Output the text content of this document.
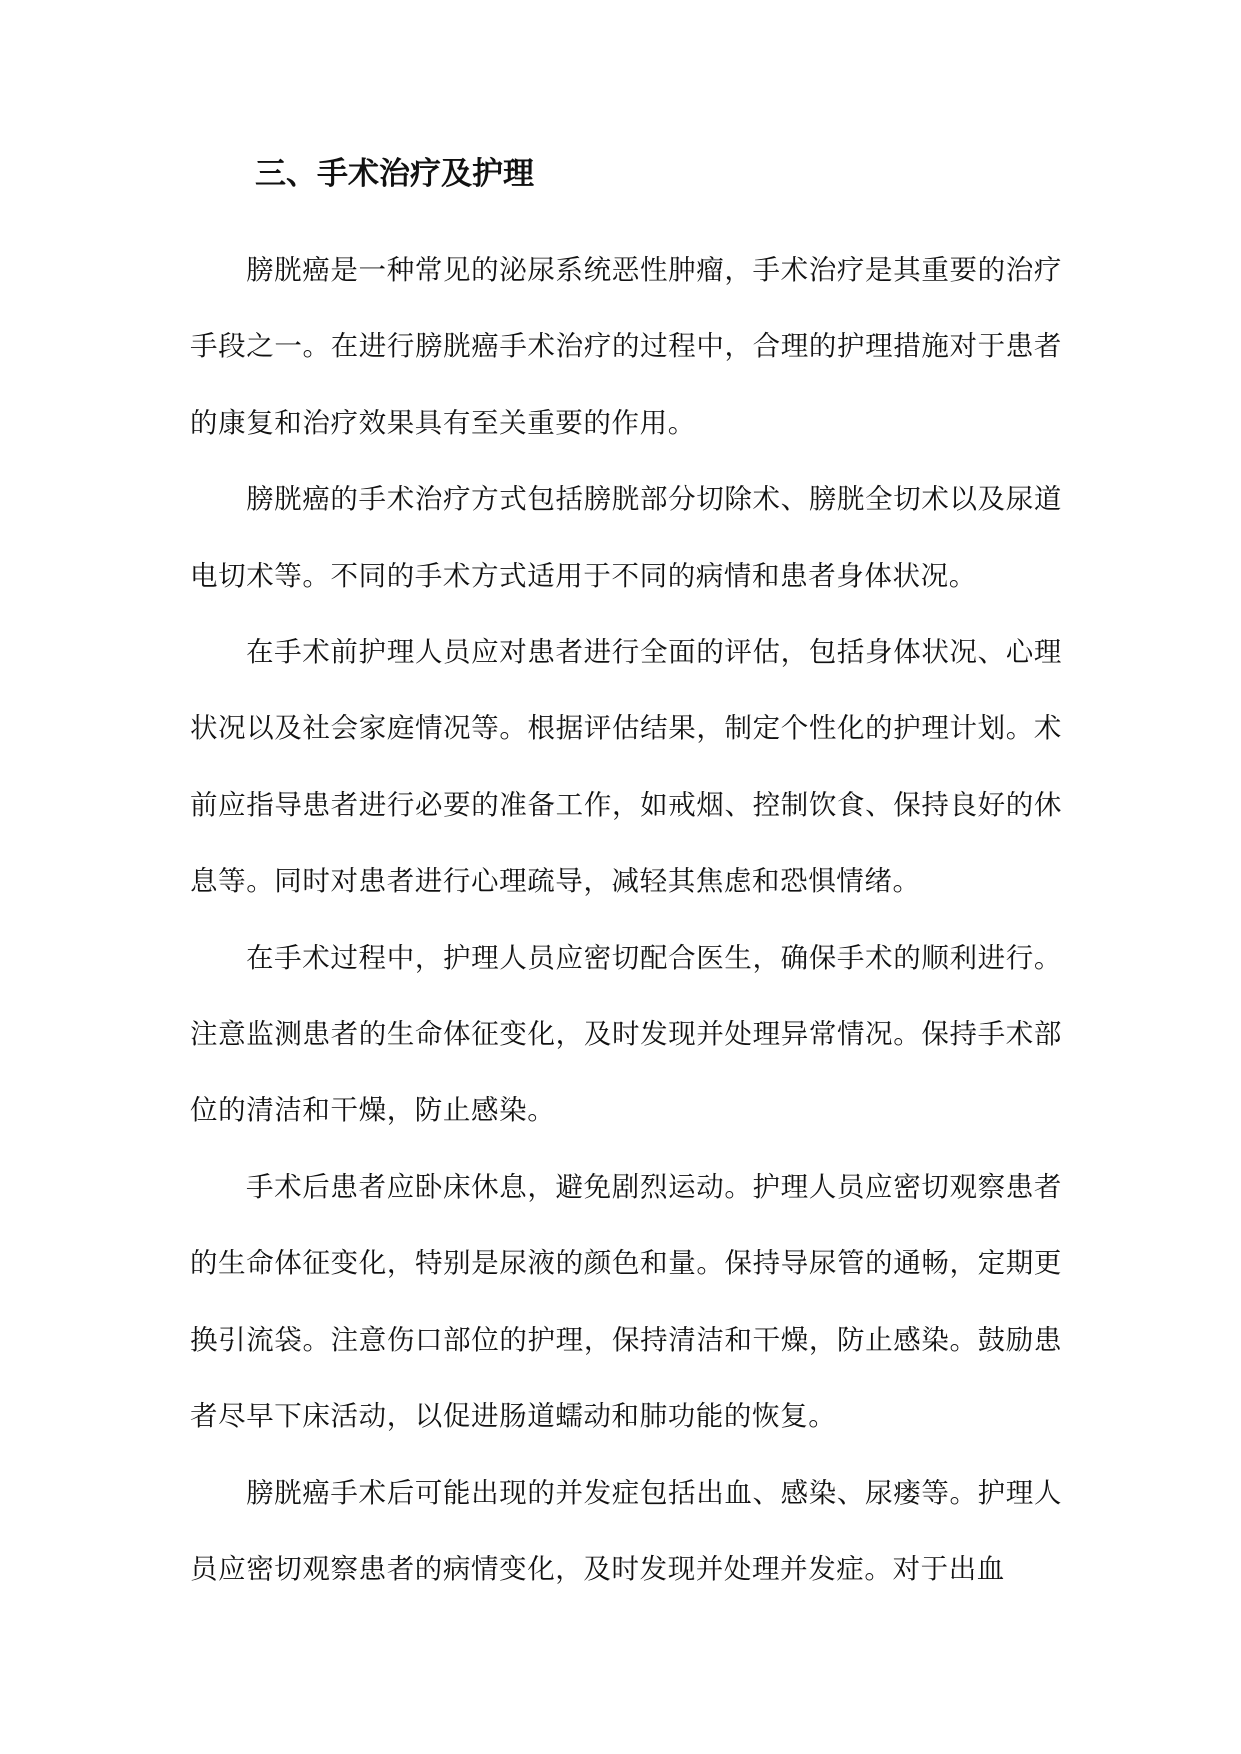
三、手术治疗及护理

膀胱癌是一种常见的泌尿系统恶性肿瘤，手术治疗是其重要的治疗手段之一。在进行膀胱癌手术治疗的过程中，合理的护理措施对于患者的康复和治疗效果具有至关重要的作用。

膀胱癌的手术治疗方式包括膀胱部分切除术、膀胱全切术以及尿道电切术等。不同的手术方式适用于不同的病情和患者身体状况。

在手术前护理人员应对患者进行全面的评估，包括身体状况、心理状况以及社会家庭情况等。根据评估结果，制定个性化的护理计划。术前应指导患者进行必要的准备工作，如戒烟、控制饮食、保持良好的休息等。同时对患者进行心理疏导，减轻其焦虑和恐惧情绪。

在手术过程中，护理人员应密切配合医生，确保手术的顺利进行。注意监测患者的生命体征变化，及时发现并处理异常情况。保持手术部位的清洁和干燥，防止感染。

手术后患者应卧床休息，避免剧烈运动。护理人员应密切观察患者的生命体征变化，特别是尿液的颜色和量。保持导尿管的通畅，定期更换引流袋。注意伤口部位的护理，保持清洁和干燥，防止感染。鼓励患者尽早下床活动，以促进肠道蠕动和肺功能的恢复。

膀胱癌手术后可能出现的并发症包括出血、感染、尿瘘等。护理人员应密切观察患者的病情变化，及时发现并处理并发症。对于出血
